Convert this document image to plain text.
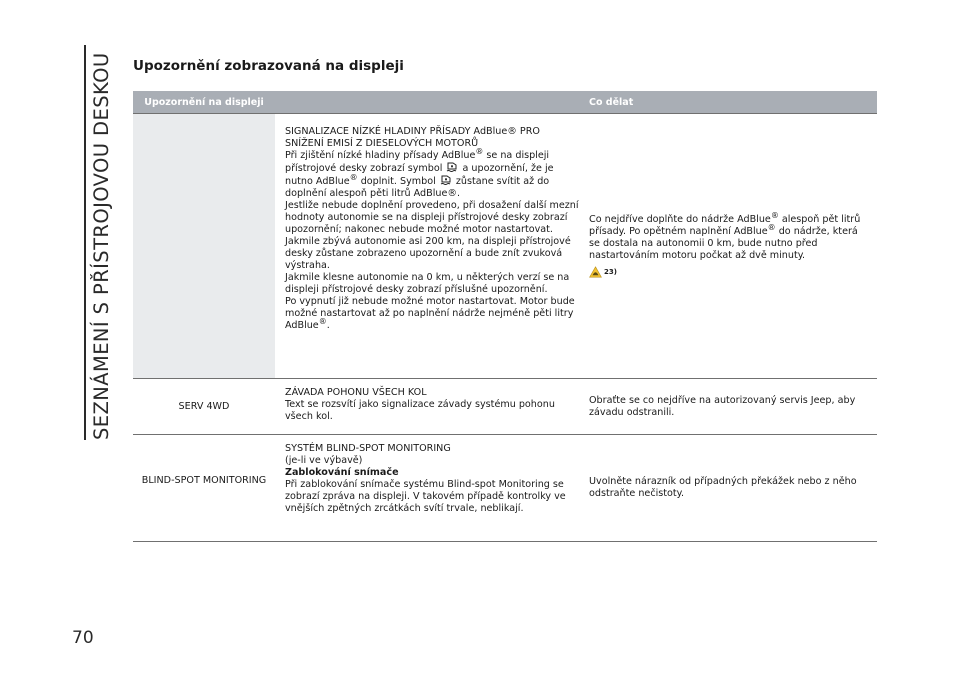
SEZNÁMENÍ S PŘÍSTROJOVOU DESKOU
70
Upozornění zobrazovaná na displeji
Upozornění na displeji	Co dělat

SIGNALIZACE NÍZKÉ HLADINY PŘÍSADY AdBlue® PRO SNÍŽENÍ EMISÍ Z DIESELOVÝCH MOTORŮ

Při zjištění nízké hladiny přísady AdBlue® se na displeji přístrojové desky zobrazí symbol  a upozornění, že je nutno AdBlue® doplnit. Symbol  zůstane svítit až do doplnění alespoň pěti litrů AdBlue®.

Jestliže nebude doplnění provedeno, při dosažení další mezní hodnoty autonomie se na displeji přístrojové desky zobrazí upozornění; nakonec nebude možné motor nastartovat.

Jakmile zbývá autonomie asi 200 km, na displeji přístrojové desky zůstane zobrazeno upozornění a bude znít zvuková výstraha.

Jakmile klesne autonomie na 0 km, u některých verzí se na displeji přístrojové desky zobrazí příslušné upozornění.

Po vypnutí již nebude možné motor nastartovat. Motor bude možné nastartovat až po naplnění nádrže nejméně pěti litry AdBlue®.

Co nejdříve doplňte do nádrže AdBlue® alespoň pět litrů přísady. Po opětném naplnění AdBlue® do nádrže, která se dostala na autonomii 0 km, bude nutno před nastartováním motoru počkat až dvě minuty.

23)
SERV 4WD

ZÁVADA POHONU VŠECH KOL

Text se rozsvítí jako signalizace závady systému pohonu všech kol.

Obraťte se co nejdříve na autorizovaný servis Jeep, aby závadu odstranili.
BLIND-SPOT MONITORING

SYSTÉM BLIND-SPOT MONITORING

(je-li ve výbavě)

Zablokování snímače

Při zablokování snímače systému Blind-spot Monitoring se zobrazí zpráva na displeji. V takovém případě kontrolky ve vnějších zpětných zrcátkách svítí trvale, neblikají.

Uvolněte nárazník od případných překážek nebo z něho odstraňte nečistoty.
